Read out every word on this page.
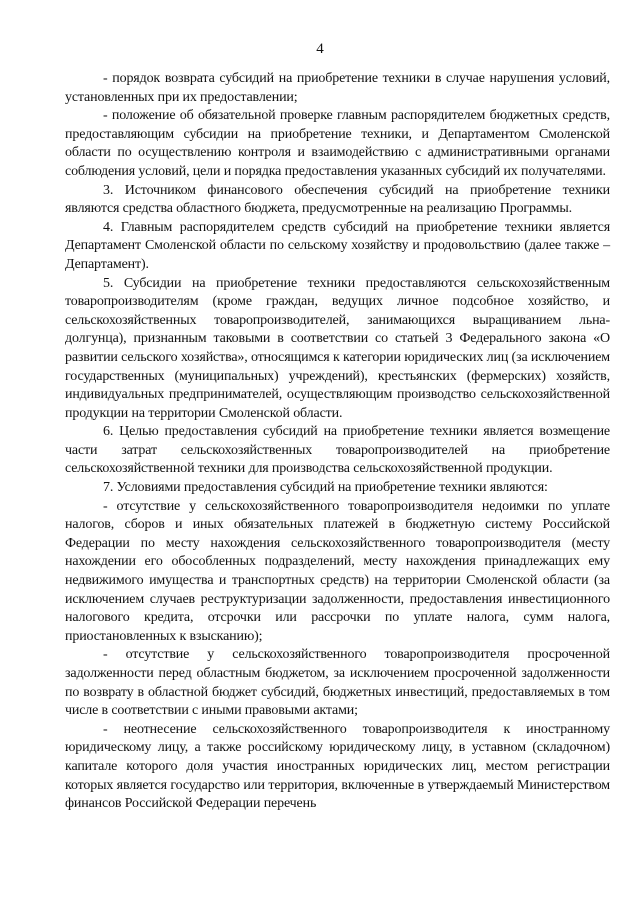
4

- порядок возврата субсидий на приобретение техники в случае нарушения условий, установленных при их предоставлении;

- положение об обязательной проверке главным распорядителем бюджетных средств, предоставляющим субсидии на приобретение техники, и Департаментом Смоленской области по осуществлению контроля и взаимодействию с административными органами соблюдения условий, цели и порядка предоставления указанных субсидий их получателями.

3. Источником финансового обеспечения субсидий на приобретение техники являются средства областного бюджета, предусмотренные на реализацию Программы.

4. Главным распорядителем средств субсидий на приобретение техники является Департамент Смоленской области по сельскому хозяйству и продовольствию (далее также – Департамент).

5. Субсидии на приобретение техники предоставляются сельскохозяйственным товаропроизводителям (кроме граждан, ведущих личное подсобное хозяйство, и сельскохозяйственных товаропроизводителей, занимающихся выращиванием льна-долгунца), признанным таковыми в соответствии со статьей 3 Федерального закона «О развитии сельского хозяйства», относящимся к категории юридических лиц (за исключением государственных (муниципальных) учреждений), крестьянских (фермерских) хозяйств, индивидуальных предпринимателей, осуществляющим производство сельскохозяйственной продукции на территории Смоленской области.

6. Целью предоставления субсидий на приобретение техники является возмещение части затрат сельскохозяйственных товаропроизводителей на приобретение сельскохозяйственной техники для производства сельскохозяйственной продукции.

7. Условиями предоставления субсидий на приобретение техники являются:

- отсутствие у сельскохозяйственного товаропроизводителя недоимки по уплате налогов, сборов и иных обязательных платежей в бюджетную систему Российской Федерации по месту нахождения сельскохозяйственного товаропроизводителя (месту нахождении его обособленных подразделений, месту нахождения принадлежащих ему недвижимого имущества и транспортных средств) на территории Смоленской области (за исключением случаев реструктуризации задолженности, предоставления инвестиционного налогового кредита, отсрочки или рассрочки по уплате налога, сумм налога, приостановленных к взысканию);

- отсутствие у сельскохозяйственного товаропроизводителя просроченной задолженности перед областным бюджетом, за исключением просроченной задолженности по возврату в областной бюджет субсидий, бюджетных инвестиций, предоставляемых в том числе в соответствии с иными правовыми актами;

- неотнесение сельскохозяйственного товаропроизводителя к иностранному юридическому лицу, а также российскому юридическому лицу, в уставном (складочном) капитале которого доля участия иностранных юридических лиц, местом регистрации которых является государство или территория, включенные в утверждаемый Министерством финансов Российской Федерации перечень
